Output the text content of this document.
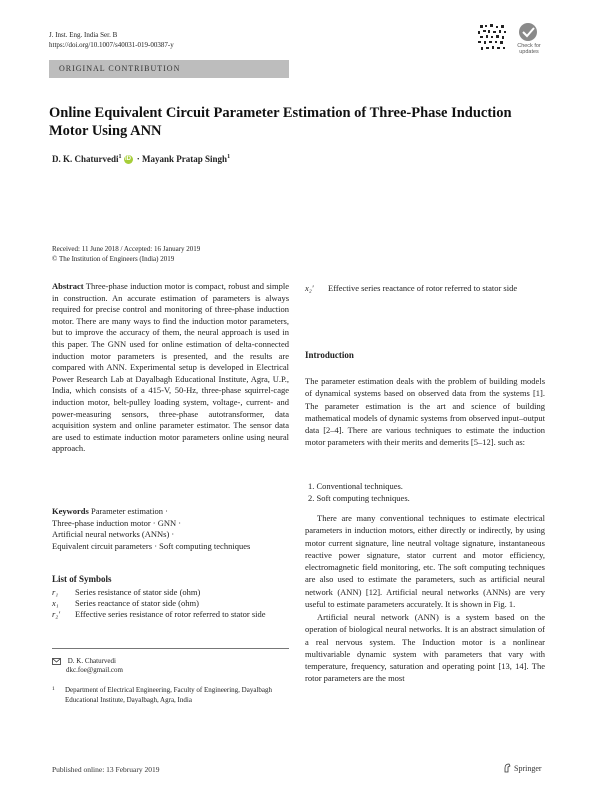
J. Inst. Eng. India Ser. B
https://doi.org/10.1007/s40031-019-00387-y	Check for updates
ORIGINAL CONTRIBUTION
Online Equivalent Circuit Parameter Estimation of Three-Phase Induction Motor Using ANN
D. K. Chaturvedi$^1$ iD · Mayank Pratap Singh$^1$
Received: 11 June 2018 / Accepted: 16 January 2019
© The Institution of Engineers (India) 2019
Abstract Three-phase induction motor is compact, robust and simple in construction. An accurate estimation of parameters is always required for precise control and monitoring of three-phase induction motor. There are many ways to find the induction motor parameters, but to improve the accuracy of them, the neural approach is used in this paper. The GNN used for online estimation of delta-connected induction motor parameters is presented, and the results are compared with ANN. Experimental setup is developed in Electrical Power Research Lab at Dayalbagh Educational Institute, Agra, U.P., India, which consists of a 415-V, 50-Hz, three-phase squirrel-cage induction motor, belt-pulley loading system, voltage-, current- and power-measuring sensors, three-phase autotransformer, data acquisition system and online parameter estimator. The sensor data are used to estimate induction motor parameters online using neural approach.
Keywords Parameter estimation ·
Three-phase induction motor · GNN ·
Artificial neural networks (ANNs) ·
Equivalent circuit parameters · Soft computing techniques
List of Symbols
r₁	Series resistance of stator side (ohm)
x₁	Series reactance of stator side (ohm)
r₂′	Effective series resistance of rotor referred to stator side
D. K. Chaturvedi
dkc.foe@gmail.com
1	Department of Electrical Engineering, Faculty of Engineering, Dayalbagh Educational Institute, Dayalbagh, Agra, India
x₂′	Effective series reactance of rotor referred to stator side
Introduction
The parameter estimation deals with the problem of building models of dynamical systems based on observed data from the systems [1]. The parameter estimation is the art and science of building mathematical models of dynamic systems from observed input–output data [2–4]. There are various techniques to estimate the induction motor parameters with their merits and demerits [5–12]. such as:
1. Conventional techniques.
2. Soft computing techniques.
There are many conventional techniques to estimate electrical parameters in induction motors, either directly or indirectly, by using motor current signature, line neutral voltage signature, instantaneous reactive power signature, stator current and motor efficiency, electromagnetic field monitoring, etc. The soft computing techniques are also used to estimate the parameters, such as artificial neural network (ANN) [12]. Artificial neural networks (ANNs) are very useful to estimate parameters accurately. It is shown in Fig. 1.
Artificial neural network (ANN) is a system based on the operation of biological neural networks. It is an abstract simulation of a real nervous system. The Induction motor is a nonlinear multivariable dynamic system with parameters that vary with temperature, frequency, saturation and operating point [13, 14]. The rotor parameters are the most
Published online: 13 February 2019	Springer
